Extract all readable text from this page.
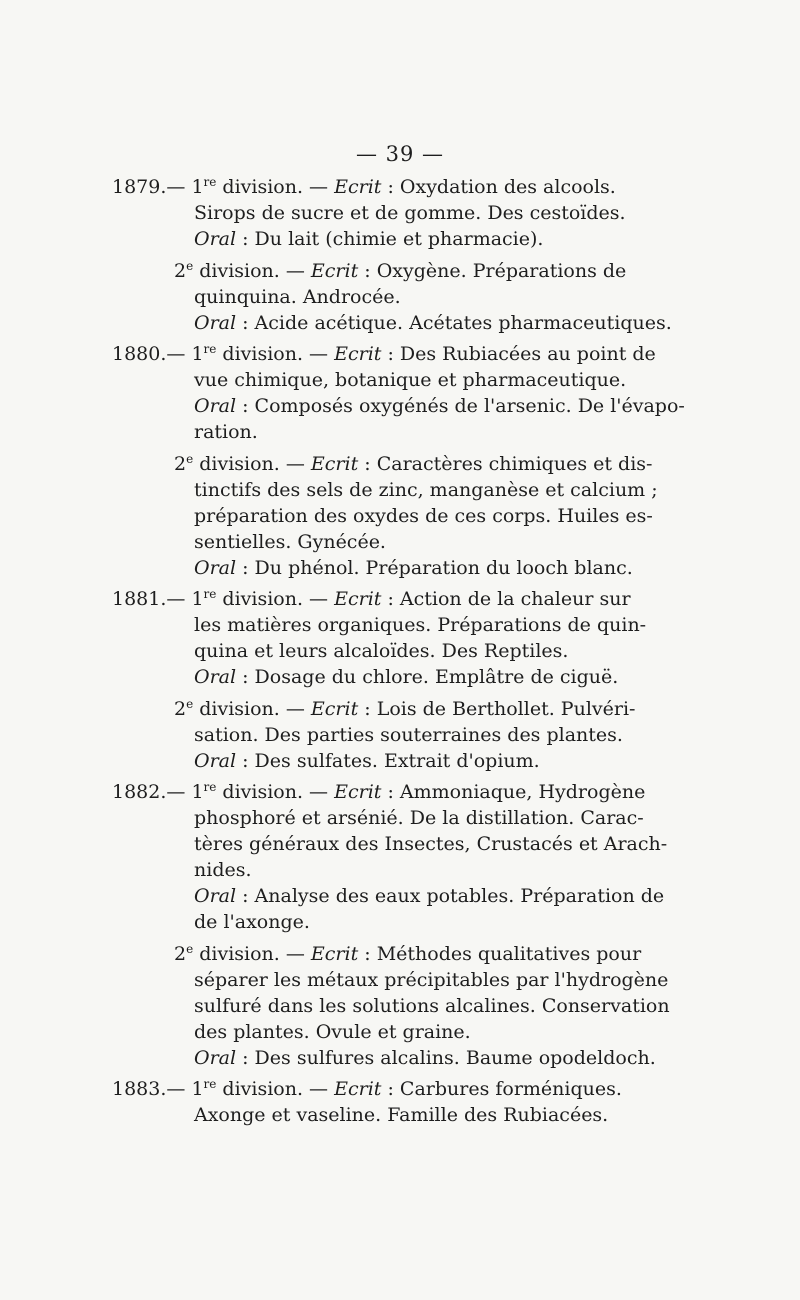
— 39 —
1879.— 1re division. — Ecrit : Oxydation des alcools.
Sirops de sucre et de gomme. Des cestoïdes.
Oral : Du lait (chimie et pharmacie).
2e division. — Ecrit : Oxygène. Préparations de
quinquina. Androcée.
Oral : Acide acétique. Acétates pharmaceutiques.
1880.— 1re division. — Ecrit : Des Rubiacées au point de
vue chimique, botanique et pharmaceutique.
Oral : Composés oxygénés de l'arsenic. De l'évapo-
ration.
2e division. — Ecrit : Caractères chimiques et dis-
tinctifs des sels de zinc, manganèse et calcium ;
préparation des oxydes de ces corps. Huiles es-
sentielles. Gynécée.
Oral : Du phénol. Préparation du looch blanc.
1881.— 1re division. — Ecrit : Action de la chaleur sur
les matières organiques. Préparations de quin-
quina et leurs alcaloïdes. Des Reptiles.
Oral : Dosage du chlore. Emplâtre de ciguë.
2e division. — Ecrit : Lois de Berthollet. Pulvéri-
sation. Des parties souterraines des plantes.
Oral : Des sulfates. Extrait d'opium.
1882.— 1re division. — Ecrit : Ammoniaque, Hydrogène
phosphoré et arsénié. De la distillation. Carac-
tères généraux des Insectes, Crustacés et Arach-
nides.
Oral : Analyse des eaux potables. Préparation de
de l'axonge.
2e division. — Ecrit : Méthodes qualitatives pour
séparer les métaux précipitables par l'hydrogène
sulfuré dans les solutions alcalines. Conservation
des plantes. Ovule et graine.
Oral : Des sulfures alcalins. Baume opodeldoch.
1883.— 1re division. — Ecrit : Carbures forméniques.
Axonge et vaseline. Famille des Rubiacées.
